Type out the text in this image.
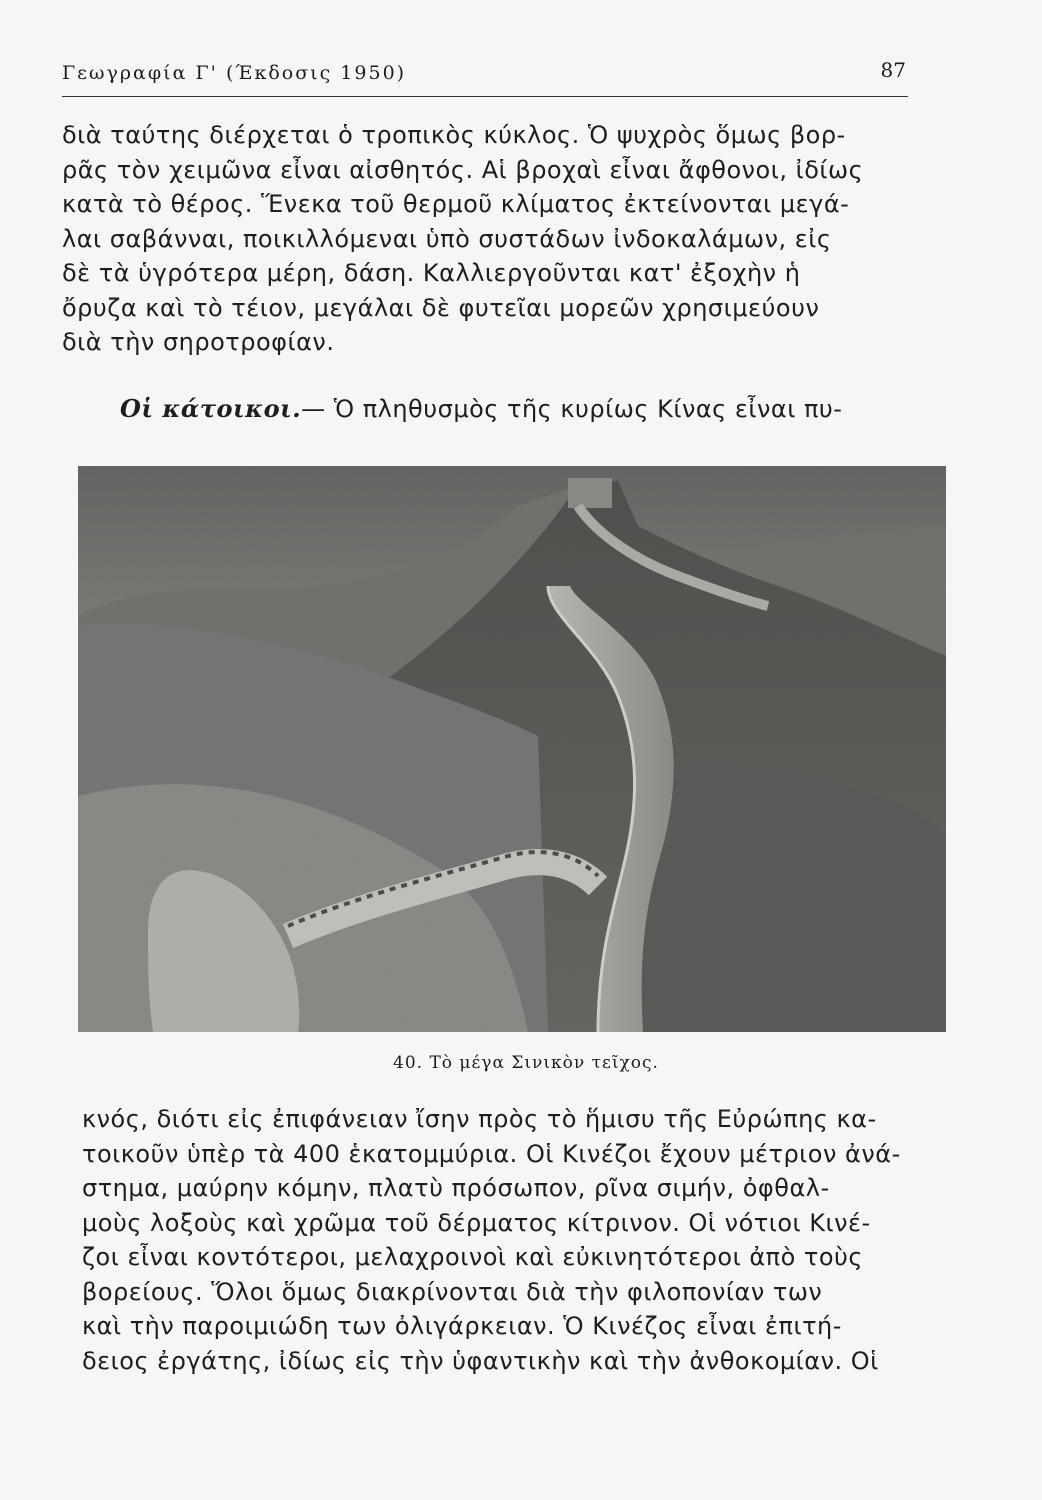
Γεωγραφία Γ' (Έκδοσις 1950)	87

διὰ ταύτης διέρχεται ὁ τροπικὸς κύκλος. Ὁ ψυχρὸς ὅμως βορ-
ρᾶς τὸν χειμῶνα εἶναι αἰσθητός. Αἱ βροχαὶ εἶναι ἄφθονοι, ἰδίως
κατὰ τὸ θέρος. Ἕνεκα τοῦ θερμοῦ κλίματος ἐκτείνονται μεγά-
λαι σαβάνναι, ποικιλλόμεναι ὑπὸ συστάδων ἰνδοκαλάμων, εἰς
δὲ τὰ ὑγρότερα μέρη, δάση. Καλλιεργοῦνται κατ' ἐξοχὴν ἡ
ὄρυζα καὶ τὸ τέιον, μεγάλαι δὲ φυτεῖαι μορεῶν χρησιμεύουν
διὰ τὴν σηροτροφίαν.

Οἱ κάτοικοι.— Ὁ πληθυσμὸς τῆς κυρίως Κίνας εἶναι πυ-

40. Τὸ μέγα Σινικὸν τεῖχος.

κνός, διότι εἰς ἐπιφάνειαν ἴσην πρὸς τὸ ἥμισυ τῆς Εὐρώπης κα-
τοικοῦν ὑπὲρ τὰ 400 ἑκατομμύρια. Οἱ Κινέζοι ἔχουν μέτριον ἀνά-
στημα, μαύρην κόμην, πλατὺ πρόσωπον, ρῖνα σιμήν, ὀφθαλ-
μοὺς λοξοὺς καὶ χρῶμα τοῦ δέρματος κίτρινον. Οἱ νότιοι Κινέ-
ζοι εἶναι κοντότεροι, μελαχροινοὶ καὶ εὐκινητότεροι ἀπὸ τοὺς
βορείους. Ὅλοι ὅμως διακρίνονται διὰ τὴν φιλοπονίαν των
καὶ τὴν παροιμιώδη των ὀλιγάρκειαν. Ὁ Κινέζος εἶναι ἐπιτή-
δειος ἐργάτης, ἰδίως εἰς τὴν ὑφαντικὴν καὶ τὴν ἀνθοκομίαν. Οἱ
